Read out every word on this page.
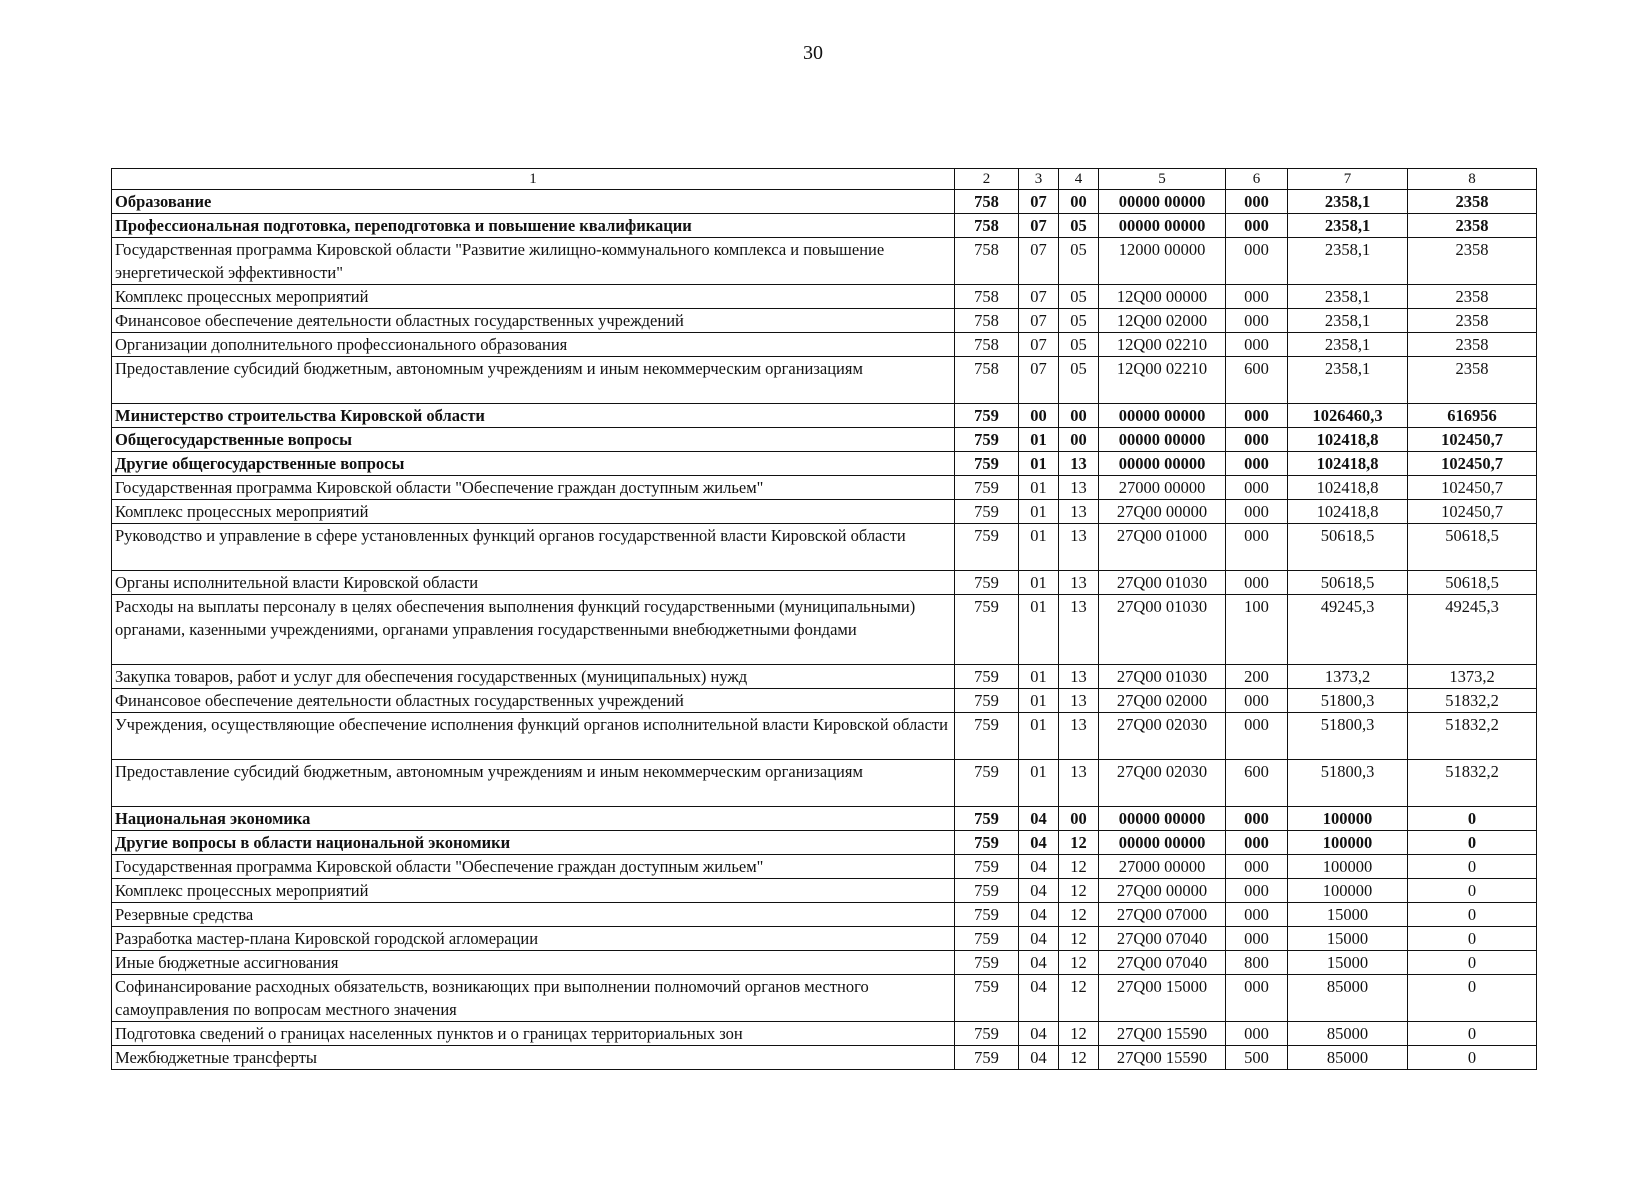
30
1	2	3	4	5	6	7	8
Образование	758	07	00	00000 00000	000	2358,1	2358
Профессиональная подготовка, переподготовка и повышение квалификации	758	07	05	00000 00000	000	2358,1	2358
Государственная программа Кировской области "Развитие жилищно-коммунального комплекса и повышение энергетической эффективности"	758	07	05	12000 00000	000	2358,1	2358
Комплекс процессных мероприятий	758	07	05	12Q00 00000	000	2358,1	2358
Финансовое обеспечение деятельности областных государственных учреждений	758	07	05	12Q00 02000	000	2358,1	2358
Организации дополнительного профессионального образования	758	07	05	12Q00 02210	000	2358,1	2358
Предоставление субсидий бюджетным, автономным учреждениям и иным некоммерческим организациям	758	07	05	12Q00 02210	600	2358,1	2358
Министерство строительства Кировской области	759	00	00	00000 00000	000	1026460,3	616956
Общегосударственные вопросы	759	01	00	00000 00000	000	102418,8	102450,7
Другие общегосударственные вопросы	759	01	13	00000 00000	000	102418,8	102450,7
Государственная программа Кировской области "Обеспечение граждан доступным жильем"	759	01	13	27000 00000	000	102418,8	102450,7
Комплекс процессных мероприятий	759	01	13	27Q00 00000	000	102418,8	102450,7
Руководство и управление в сфере установленных функций органов государственной власти Кировской области	759	01	13	27Q00 01000	000	50618,5	50618,5
Органы исполнительной власти Кировской области	759	01	13	27Q00 01030	000	50618,5	50618,5
Расходы на выплаты персоналу в целях обеспечения выполнения функций государственными (муниципальными) органами, казенными учреждениями, органами управления государственными внебюджетными фондами	759	01	13	27Q00 01030	100	49245,3	49245,3
Закупка товаров, работ и услуг для обеспечения государственных (муниципальных) нужд	759	01	13	27Q00 01030	200	1373,2	1373,2
Финансовое обеспечение деятельности областных государственных учреждений	759	01	13	27Q00 02000	000	51800,3	51832,2
Учреждения, осуществляющие обеспечение исполнения функций органов исполнительной власти Кировской области	759	01	13	27Q00 02030	000	51800,3	51832,2
Предоставление субсидий бюджетным, автономным учреждениям и иным некоммерческим организациям	759	01	13	27Q00 02030	600	51800,3	51832,2
Национальная экономика	759	04	00	00000 00000	000	100000	0
Другие вопросы в области национальной экономики	759	04	12	00000 00000	000	100000	0
Государственная программа Кировской области "Обеспечение граждан доступным жильем"	759	04	12	27000 00000	000	100000	0
Комплекс процессных мероприятий	759	04	12	27Q00 00000	000	100000	0
Резервные средства	759	04	12	27Q00 07000	000	15000	0
Разработка мастер-плана Кировской городской агломерации	759	04	12	27Q00 07040	000	15000	0
Иные бюджетные ассигнования	759	04	12	27Q00 07040	800	15000	0
Софинансирование расходных обязательств, возникающих при выполнении полномочий органов местного самоуправления по вопросам местного значения	759	04	12	27Q00 15000	000	85000	0
Подготовка сведений о границах населенных пунктов и о границах территориальных зон	759	04	12	27Q00 15590	000	85000	0
Межбюджетные трансферты	759	04	12	27Q00 15590	500	85000	0
